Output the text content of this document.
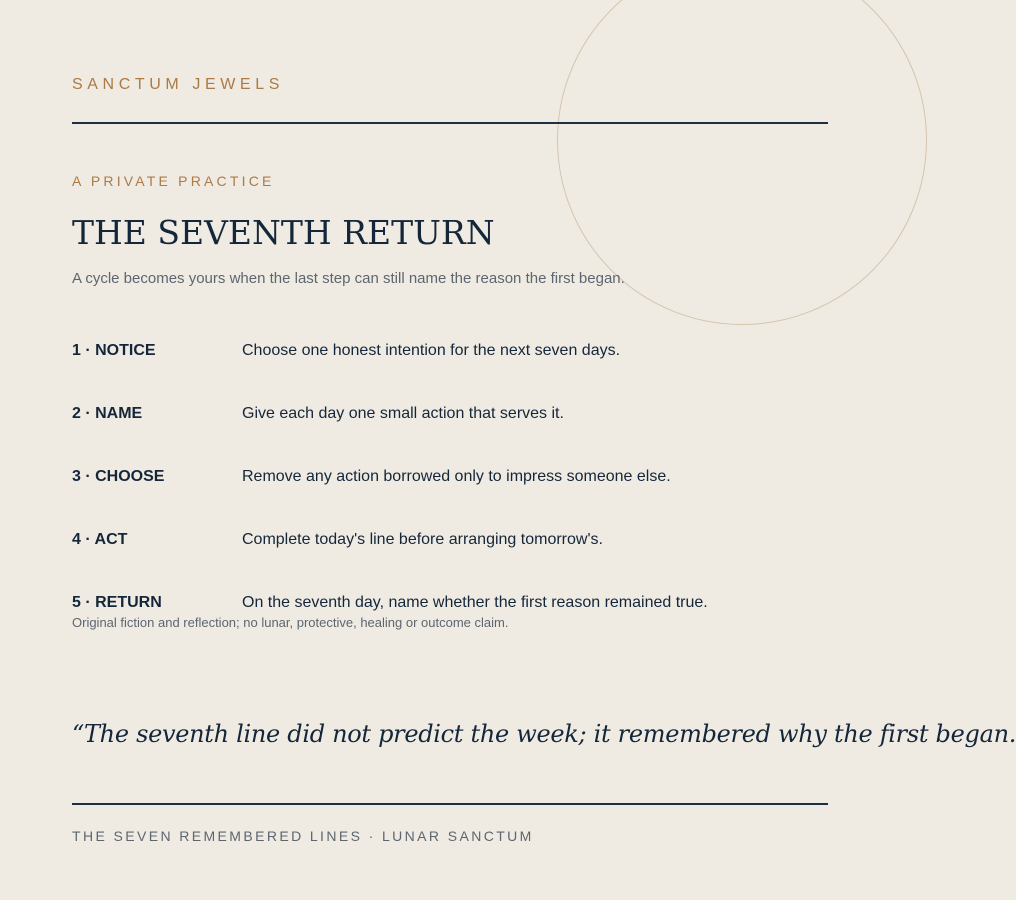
SANCTUM JEWELS
A PRIVATE PRACTICE
THE SEVENTH RETURN

A cycle becomes yours when the last step can still name the reason the first began.

1 · NOTICE	Choose one honest intention for the next seven days.
2 · NAME	Give each day one small action that serves it.
3 · CHOOSE	Remove any action borrowed only to impress someone else.
4 · ACT	Complete today's line before arranging tomorrow's.
5 · RETURN	On the seventh day, name whether the first reason remained true.
Original fiction and reflection; no lunar, protective, healing or outcome claim.
“The seventh line did not predict the week; it remembered why the first began.
THE SEVEN REMEMBERED LINES · LUNAR SANCTUM
